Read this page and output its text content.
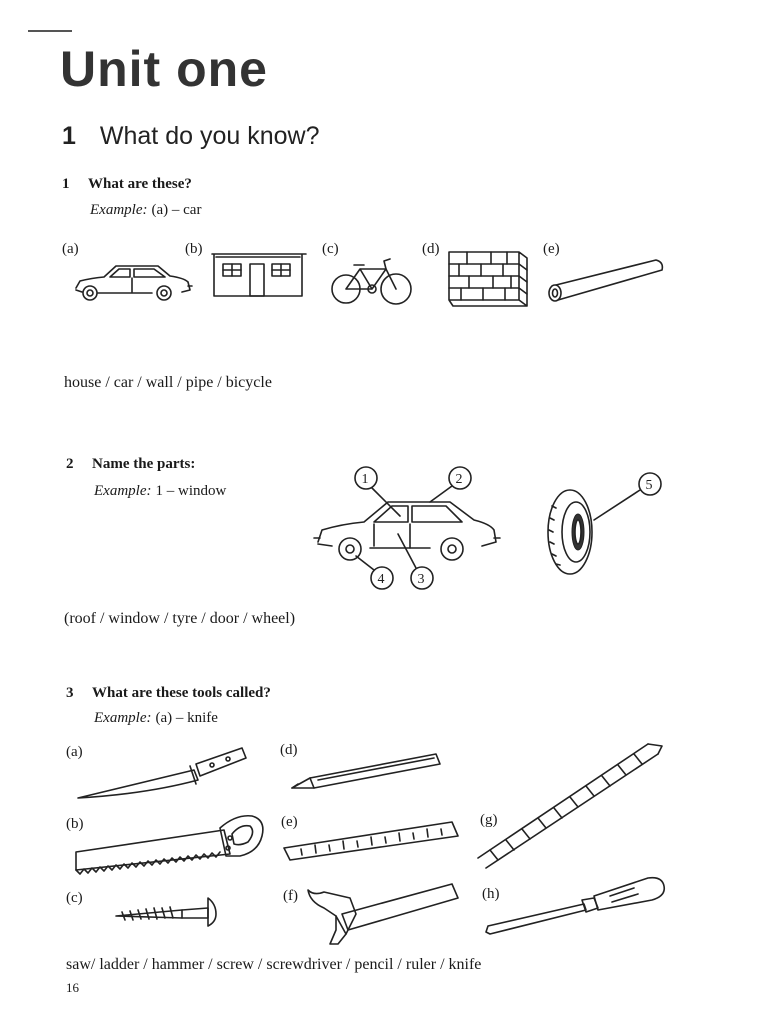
Unit one
1 What do you know?
1 What are these?
Example: (a) – car
(a)	(b)	(c)	(d)	(e)
house / car / wall / pipe / bicycle
2 Name the parts:
Example: 1 – window
1	2
3
4
5
(roof / window / tyre / door / wheel)
3 What are these tools called?
Example: (a) – knife
(a)
(b)
(c)
(d)
(e)
(f)
(g)
(h)
saw/ ladder / hammer / screw / screwdriver / pencil / ruler / knife
16
